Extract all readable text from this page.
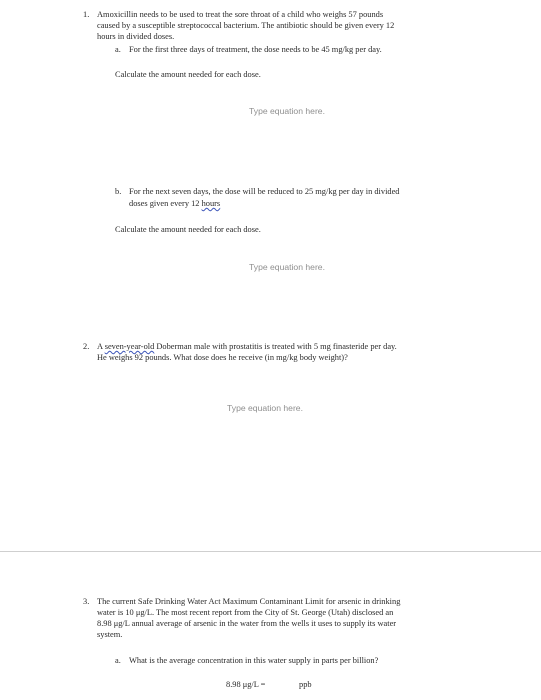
1. Amoxicillin needs to be used to treat the sore throat of a child who weighs 57 pounds

caused by a susceptible streptococcal bacterium. The antibiotic should be given every 12

hours in divided doses.

a. For the first three days of treatment, the dose needs to be 45 mg/kg per day.

Calculate the amount needed for each dose.

Type equation here.
b. For rhe next seven days, the dose will be reduced to 25 mg/kg per day in divided

doses given every 12 hours

Calculate the amount needed for each dose.

Type equation here.
2. A seven-year-old Doberman male with prostatitis is treated with 5 mg finasteride per day.

He weighs 92 pounds. What dose does he receive (in mg/kg body weight)?

Type equation here.
3. The current Safe Drinking Water Act Maximum Contaminant Limit for arsenic in drinking

water is 10 μg/L. The most recent report from the City of St. George (Utah) disclosed an

8.98 μg/L annual average of arsenic in the water from the wells it uses to supply its water

system.

a. What is the average concentration in this water supply in parts per billion?

8.98 μg/L =	ppb
